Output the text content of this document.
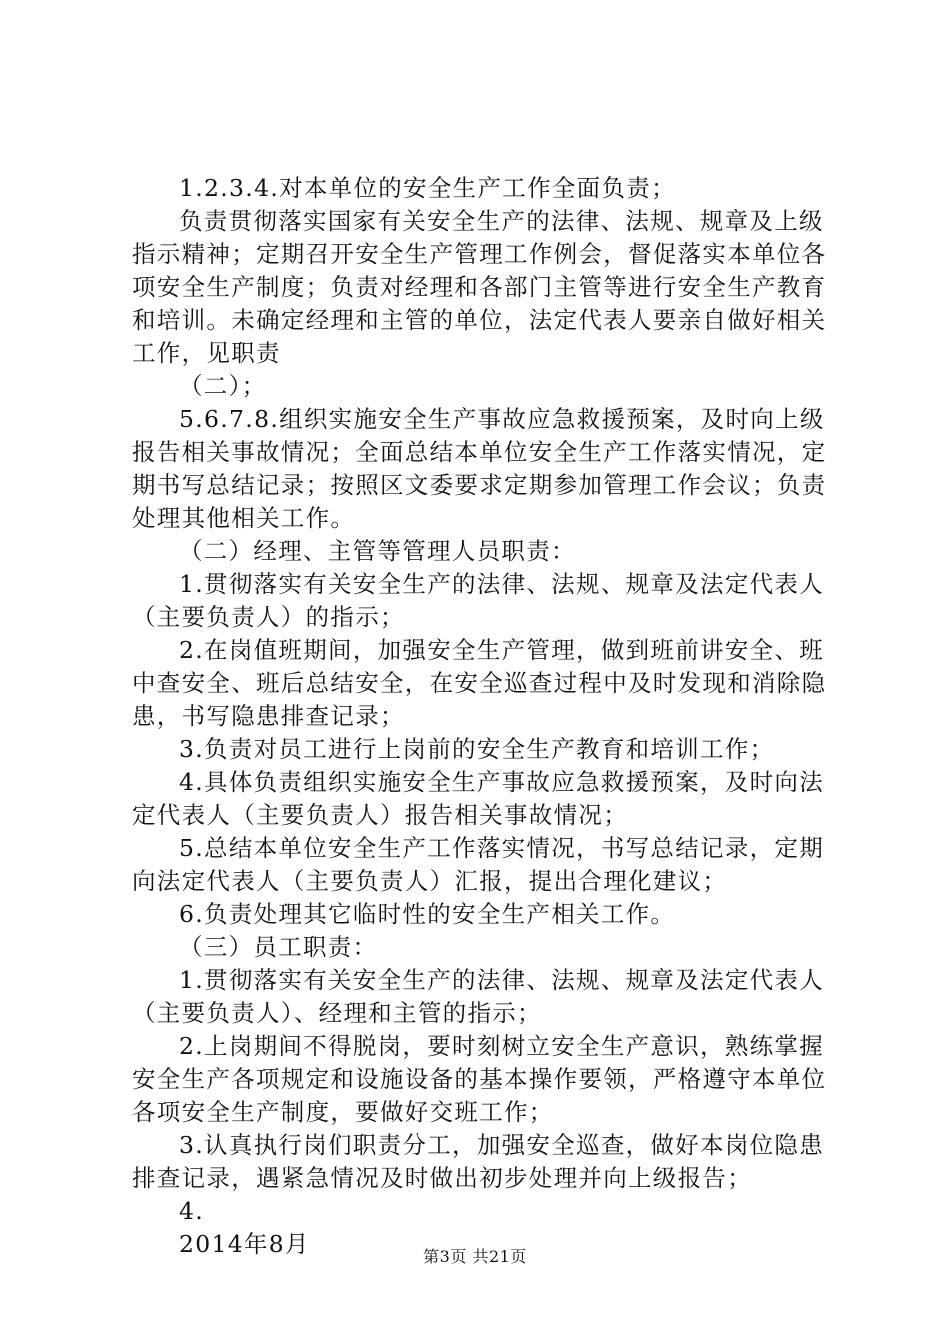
1.2.3.4.对本单位的安全生产工作全面负责；

负责贯彻落实国家有关安全生产的法律、法规、规章及上级指示精神；定期召开安全生产管理工作例会，督促落实本单位各项安全生产制度；负责对经理和各部门主管等进行安全生产教育和培训。未确定经理和主管的单位，法定代表人要亲自做好相关工作，见职责

（二）；

5.6.7.8.组织实施安全生产事故应急救援预案，及时向上级报告相关事故情况；全面总结本单位安全生产工作落实情况，定期书写总结记录；按照区文委要求定期参加管理工作会议；负责处理其他相关工作。

（二）经理、主管等管理人员职责：

1.贯彻落实有关安全生产的法律、法规、规章及法定代表人（主要负责人）的指示；

2.在岗值班期间，加强安全生产管理，做到班前讲安全、班中查安全、班后总结安全，在安全巡查过程中及时发现和消除隐患，书写隐患排查记录；

3.负责对员工进行上岗前的安全生产教育和培训工作；

4.具体负责组织实施安全生产事故应急救援预案，及时向法定代表人（主要负责人）报告相关事故情况；

5.总结本单位安全生产工作落实情况，书写总结记录，定期向法定代表人（主要负责人）汇报，提出合理化建议；

6.负责处理其它临时性的安全生产相关工作。

（三）员工职责：

1.贯彻落实有关安全生产的法律、法规、规章及法定代表人（主要负责人）、经理和主管的指示；

2.上岗期间不得脱岗，要时刻树立安全生产意识，熟练掌握安全生产各项规定和设施设备的基本操作要领，严格遵守本单位各项安全生产制度，要做好交班工作；

3.认真执行岗们职责分工，加强安全巡查，做好本岗位隐患排查记录，遇紧急情况及时做出初步处理并向上级报告；

4.

2014年8月	第3页 共21页
